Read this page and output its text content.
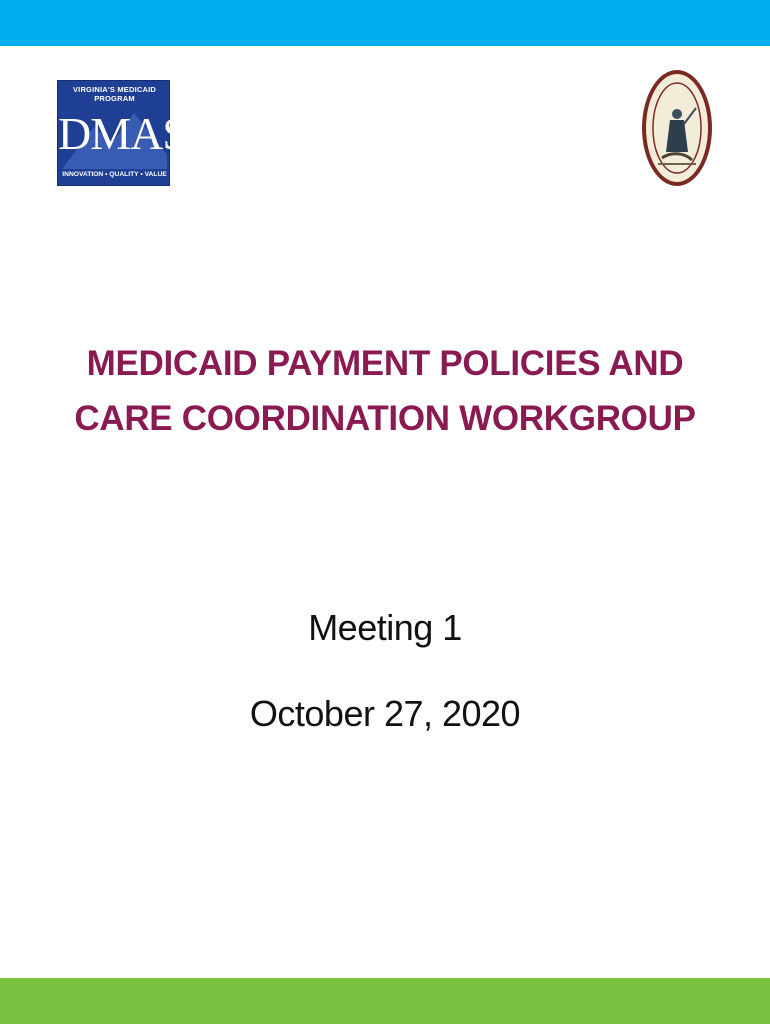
VIRGINIA'S MEDICAID PROGRAM
DMAS
INNOVATION • QUALITY • VALUE
MEDICAID PAYMENT POLICIES AND
CARE COORDINATION WORKGROUP
Meeting 1
October 27, 2020
